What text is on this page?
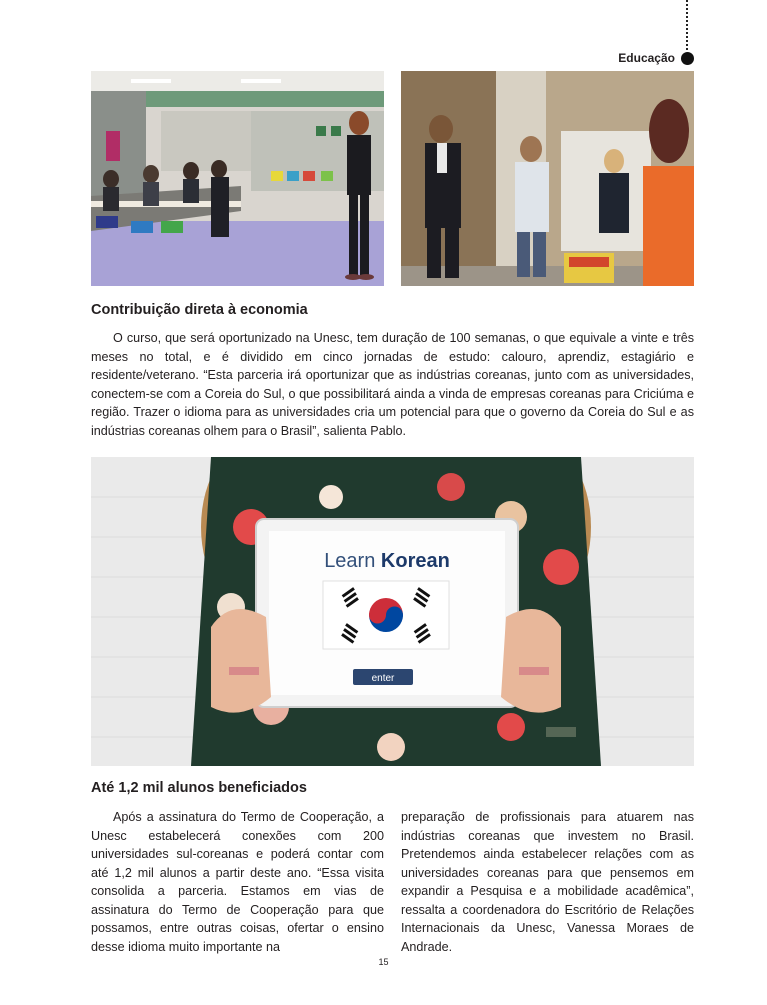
Educação
Contribuição direta à economia

O curso, que será oportunizado na Unesc, tem duração de 100 semanas, o que equivale a vinte e três meses no total, e é dividido em cinco jornadas de estudo: calouro, aprendiz, estagiário e residente/veterano. “Esta parceria irá oportunizar que as indústrias coreanas, junto com as universidades, conectem-se com a Coreia do Sul, o que possibilitará ainda a vinda de empresas coreanas para Criciúma e região. Trazer o idioma para as universidades cria um potencial para que o governo da Coreia do Sul e as indústrias coreanas olhem para o Brasil”, salienta Pablo.

Learn Korean
enter
Até 1,2 mil alunos beneficiados

Após a assinatura do Termo de Cooperação, a Unesc estabelecerá conexões com 200 universidades sul-coreanas e poderá contar com até 1,2 mil alunos a partir deste ano. “Essa visita consolida a parceria. Estamos em vias de assinatura do Termo de Cooperação para que possamos, entre outras coisas, ofertar o ensino desse idioma muito importante na

preparação de profissionais para atuarem nas indústrias coreanas que investem no Brasil. Pretendemos ainda estabelecer relações com as universidades coreanas para que pensemos em expandir a Pesquisa e a mobilidade acadêmica”, ressalta a coordenadora do Escritório de Relações Internacionais da Unesc, Vanessa Moraes de Andrade.

15
